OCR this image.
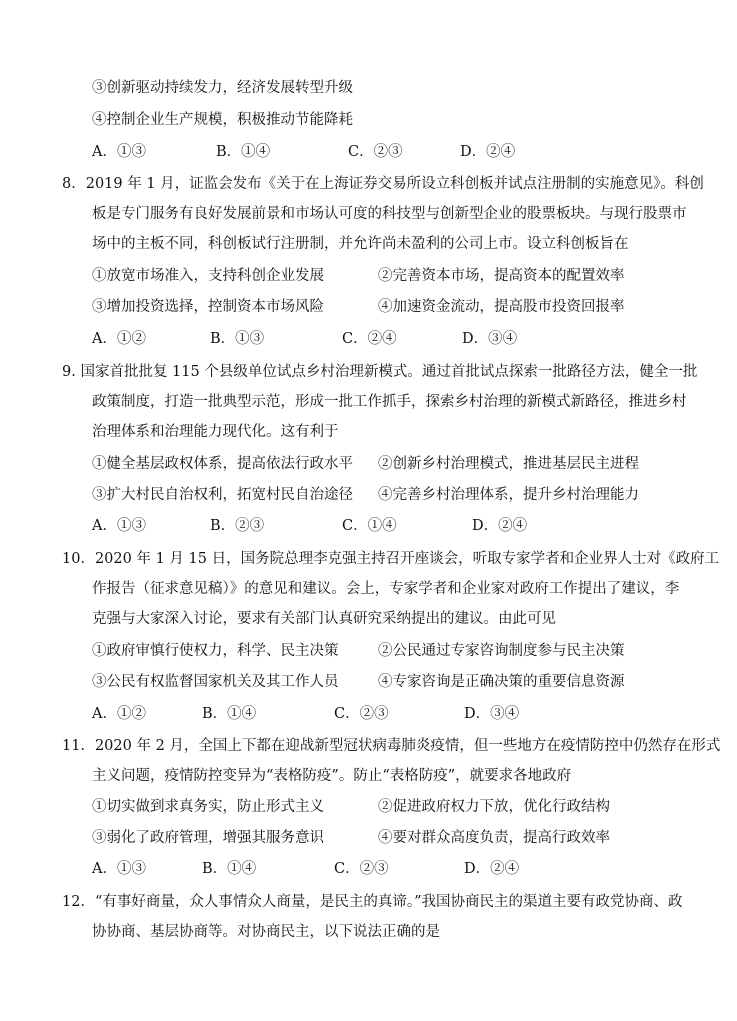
③创新驱动持续发力，经济发展转型升级
④控制企业生产规模，积极推动节能降耗
A．①③	B．①④	C．②③	D．②④
8．2019 年 1 月，证监会发布《关于在上海证券交易所设立科创板并试点注册制的实施意见》。科创
板是专门服务有良好发展前景和市场认可度的科技型与创新型企业的股票板块。与现行股票市
场中的主板不同，科创板试行注册制，并允许尚未盈利的公司上市。设立科创板旨在
①放宽市场准入，支持科创企业发展	②完善资本市场，提高资本的配置效率
③增加投资选择，控制资本市场风险	④加速资金流动，提高股市投资回报率
A．①②	B．①③	C．②④	D．③④
9. 国家首批批复 115 个县级单位试点乡村治理新模式。通过首批试点探索一批路径方法，健全一批
政策制度，打造一批典型示范，形成一批工作抓手，探索乡村治理的新模式新路径，推进乡村
治理体系和治理能力现代化。这有利于
①健全基层政权体系，提高依法行政水平 ②创新乡村治理模式，推进基层民主进程
③扩大村民自治权利，拓宽村民自治途径 ④完善乡村治理体系，提升乡村治理能力
A．①③	B．②③	C．①④	D．②④
10．2020 年 1 月 15 日，国务院总理李克强主持召开座谈会，听取专家学者和企业界人士对《政府工
作报告（征求意见稿）》的意见和建议。会上，专家学者和企业家对政府工作提出了建议，李
克强与大家深入讨论，要求有关部门认真研究采纳提出的建议。由此可见
①政府审慎行使权力，科学、民主决策	②公民通过专家咨询制度参与民主决策
③公民有权监督国家机关及其工作人员	④专家咨询是正确决策的重要信息资源
A．①②	B．①④	C．②③	D．③④
11．2020 年 2 月，全国上下都在迎战新型冠状病毒肺炎疫情，但一些地方在疫情防控中仍然存在形式
主义问题，疫情防控变异为“表格防疫”。防止“表格防疫”，就要求各地政府
①切实做到求真务实，防止形式主义	②促进政府权力下放，优化行政结构
③弱化了政府管理，增强其服务意识	④要对群众高度负责，提高行政效率
A．①③	B．①④	C．②③	D．②④
12．“有事好商量，众人事情众人商量，是民主的真谛。”我国协商民主的渠道主要有政党协商、政
协协商、基层协商等。对协商民主，以下说法正确的是
